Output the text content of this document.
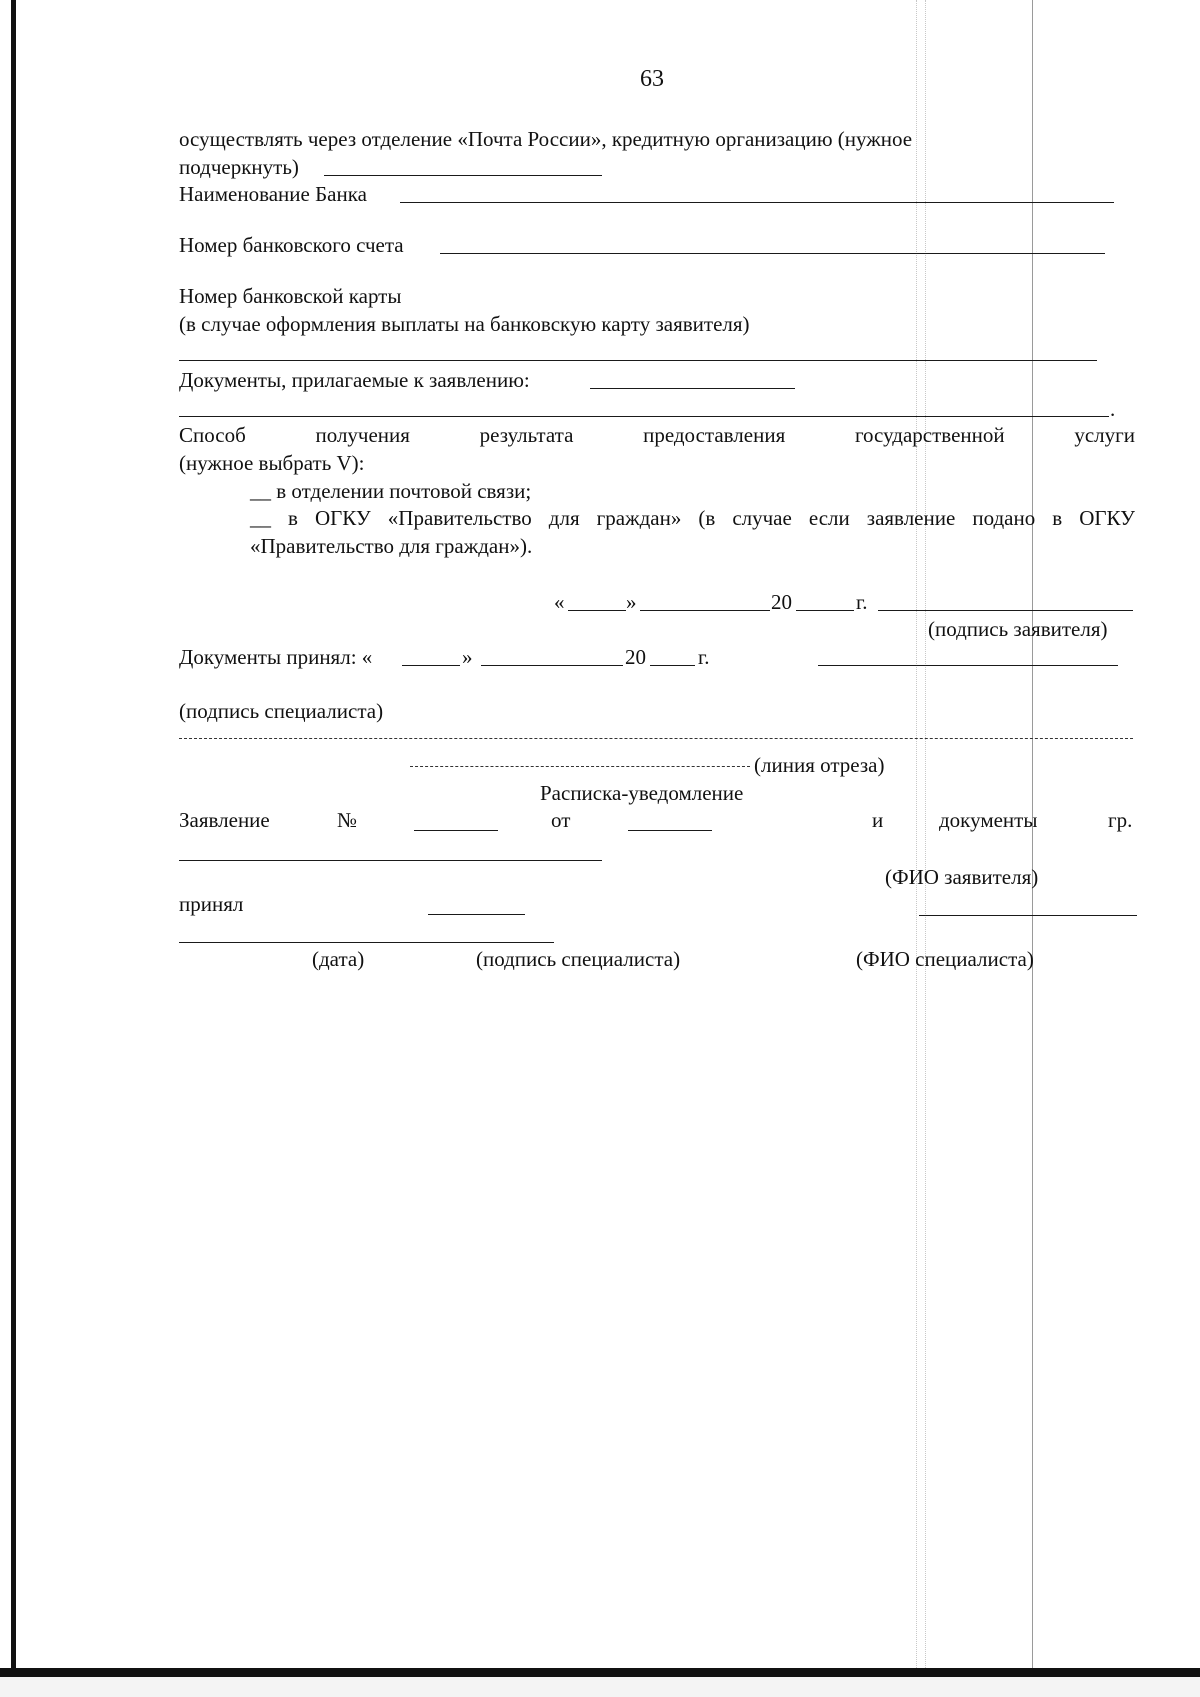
63
осуществлять через отделение «Почта России», кредитную организацию (нужное
подчеркнуть)
Наименование Банка
Номер банковского счета
Номер банковской карты
(в случае оформления выплаты на банковскую карту заявителя)
Документы, прилагаемые к заявлению:
.
Способ	получения	результата	предоставления	государственной	услуги
(нужное выбрать V):
__ в отделении почтовой связи;
__ в ОГКУ «Правительство для граждан» (в случае если заявление подано в ОГКУ
«Правительство для граждан»).
«	»	20	г.
(подпись заявителя)
Документы принял: «	»	20 г.
(подпись специалиста)
(линия отреза)
Расписка-уведомление
Заявление	№	от	и	документы	гр.
(ФИО заявителя)
принял
(дата)	(подпись специалиста)	(ФИО специалиста)
